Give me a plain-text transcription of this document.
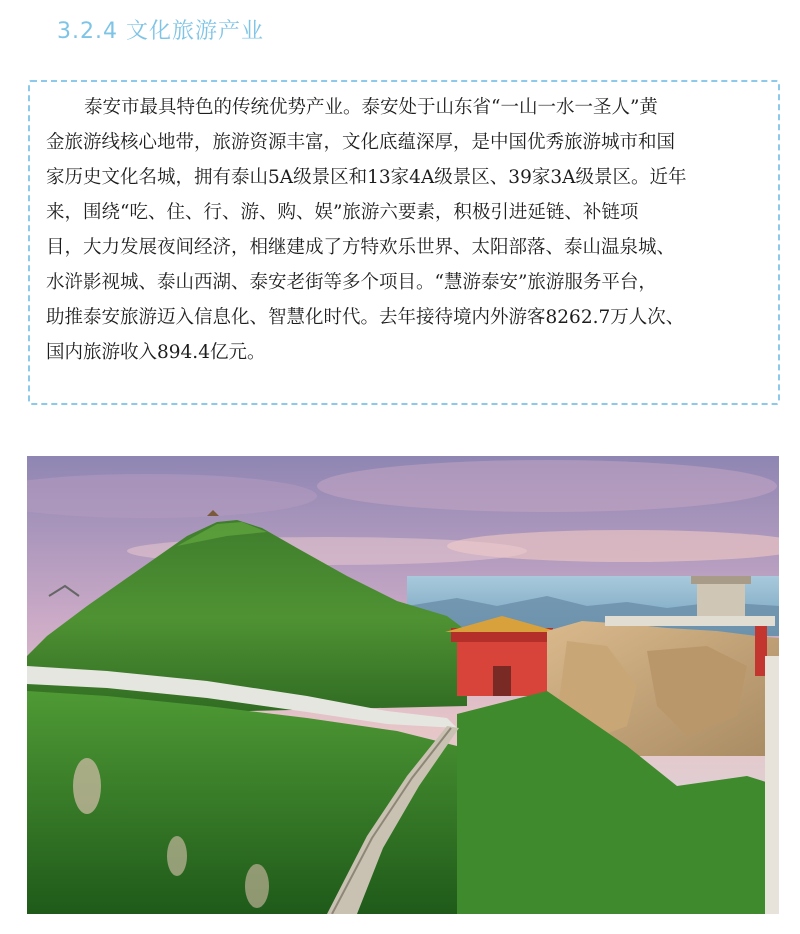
3.2.4 文化旅游产业
泰安市最具特色的传统优势产业。泰安处于山东省“一山一水一圣人”黄
金旅游线核心地带，旅游资源丰富，文化底蕴深厚，是中国优秀旅游城市和国
家历史文化名城，拥有泰山5A级景区和13家4A级景区、39家3A级景区。近年
来，围绕“吃、住、行、游、购、娱”旅游六要素，积极引进延链、补链项
目，大力发展夜间经济，相继建成了方特欢乐世界、太阳部落、泰山温泉城、
水浒影视城、泰山西湖、泰安老街等多个项目。“慧游泰安”旅游服务平台，
助推泰安旅游迈入信息化、智慧化时代。去年接待境内外游客8262.7万人次、
国内旅游收入894.4亿元。
